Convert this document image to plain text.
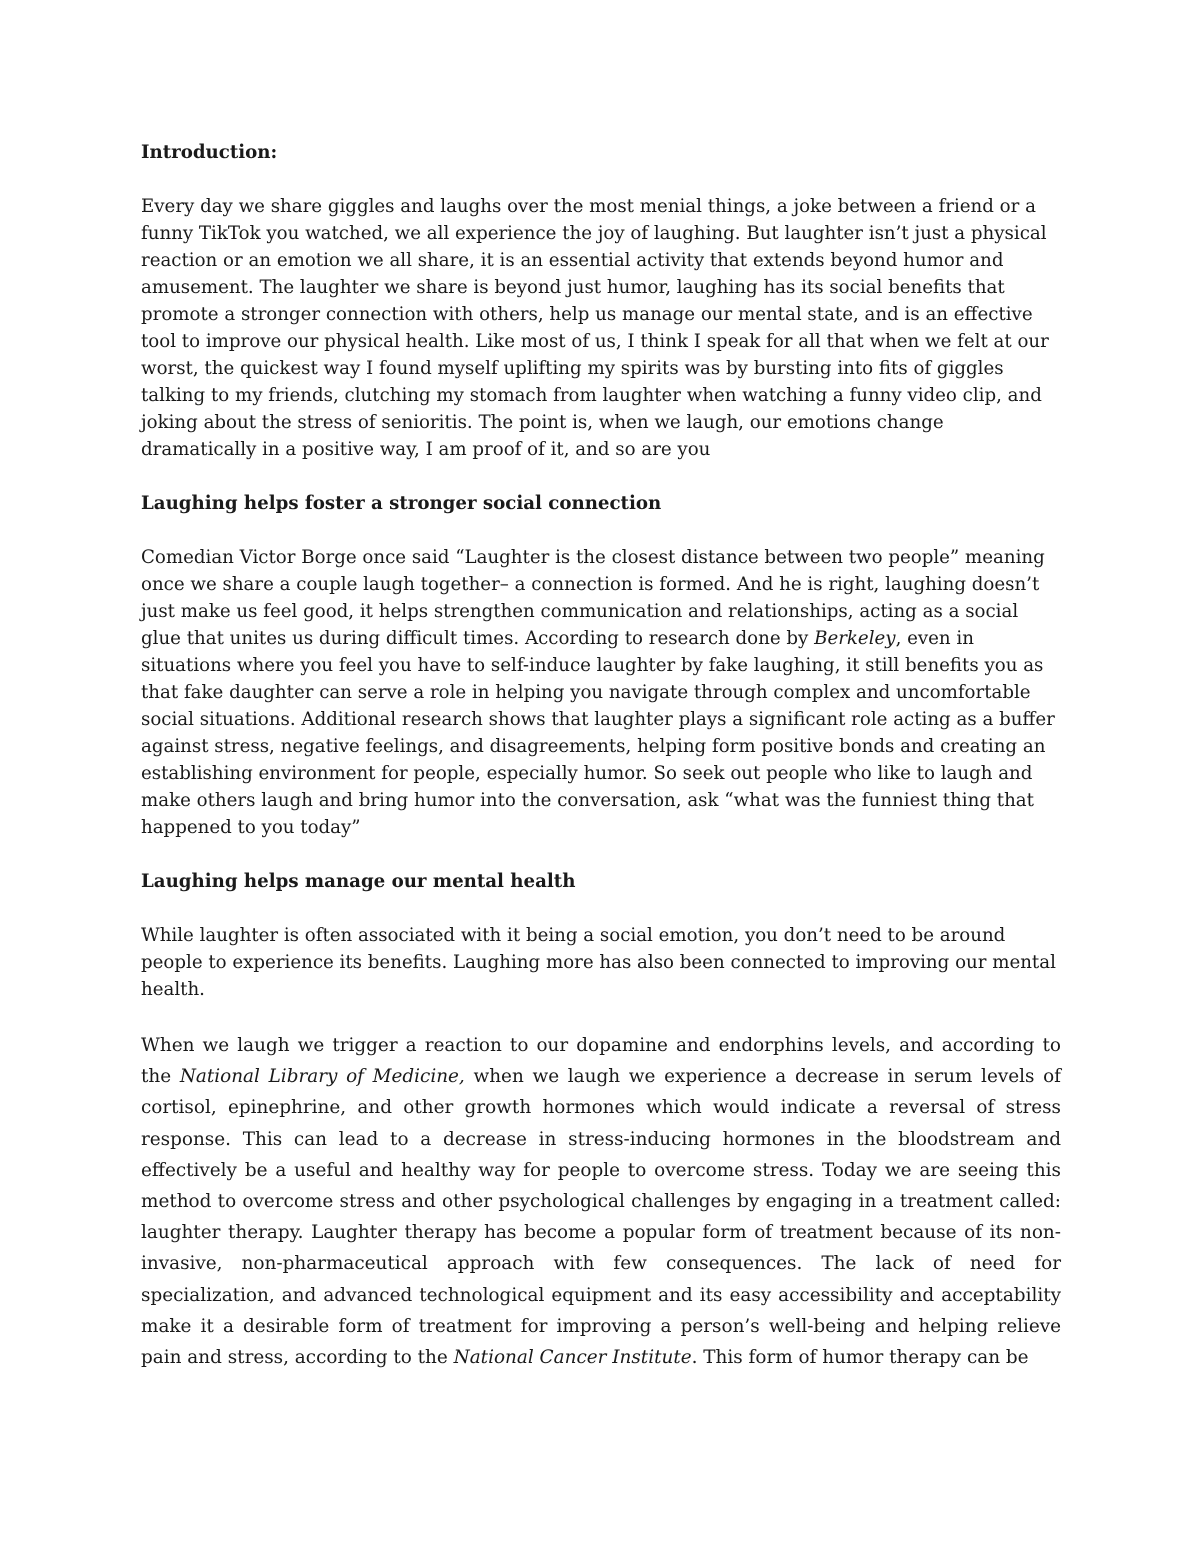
Introduction:

Every day we share giggles and laughs over the most menial things, a joke between a friend or a funny TikTok you watched, we all experience the joy of laughing. But laughter isn’t just a physical reaction or an emotion we all share, it is an essential activity that extends beyond humor and amusement. The laughter we share is beyond just humor, laughing has its social benefits that promote a stronger connection with others, help us manage our mental state, and is an effective tool to improve our physical health. Like most of us, I think I speak for all that when we felt at our worst, the quickest way I found myself uplifting my spirits was by bursting into fits of giggles talking to my friends, clutching my stomach from laughter when watching a funny video clip, and joking about the stress of senioritis. The point is, when we laugh, our emotions change dramatically in a positive way, I am proof of it, and so are you

Laughing helps foster a stronger social connection

Comedian Victor Borge once said “Laughter is the closest distance between two people” meaning once we share a couple laugh together– a connection is formed. And he is right, laughing doesn’t just make us feel good, it helps strengthen communication and relationships, acting as a social glue that unites us during difficult times. According to research done by Berkeley, even in situations where you feel you have to self-induce laughter by fake laughing, it still benefits you as that fake daughter can serve a role in helping you navigate through complex and uncomfortable social situations. Additional research shows that laughter plays a significant role acting as a buffer against stress, negative feelings, and disagreements, helping form positive bonds and creating an establishing environment for people, especially humor. So seek out people who like to laugh and make others laugh and bring humor into the conversation, ask “what was the funniest thing that happened to you today”

Laughing helps manage our mental health

While laughter is often associated with it being a social emotion, you don’t need to be around people to experience its benefits. Laughing more has also been connected to improving our mental health.

When we laugh we trigger a reaction to our dopamine and endorphins levels, and according to the National Library of Medicine, when we laugh we experience a decrease in serum levels of cortisol, epinephrine, and other growth hormones which would indicate a reversal of stress response. This can lead to a decrease in stress-inducing hormones in the bloodstream and effectively be a useful and healthy way for people to overcome stress. Today we are seeing this method to overcome stress and other psychological challenges by engaging in a treatment called: laughter therapy. Laughter therapy has become a popular form of treatment because of its non-invasive, non-pharmaceutical approach with few consequences. The lack of need for specialization, and advanced technological equipment and its easy accessibility and acceptability make it a desirable form of treatment for improving a person’s well-being and helping relieve pain and stress, according to the National Cancer Institute. This form of humor therapy can be
